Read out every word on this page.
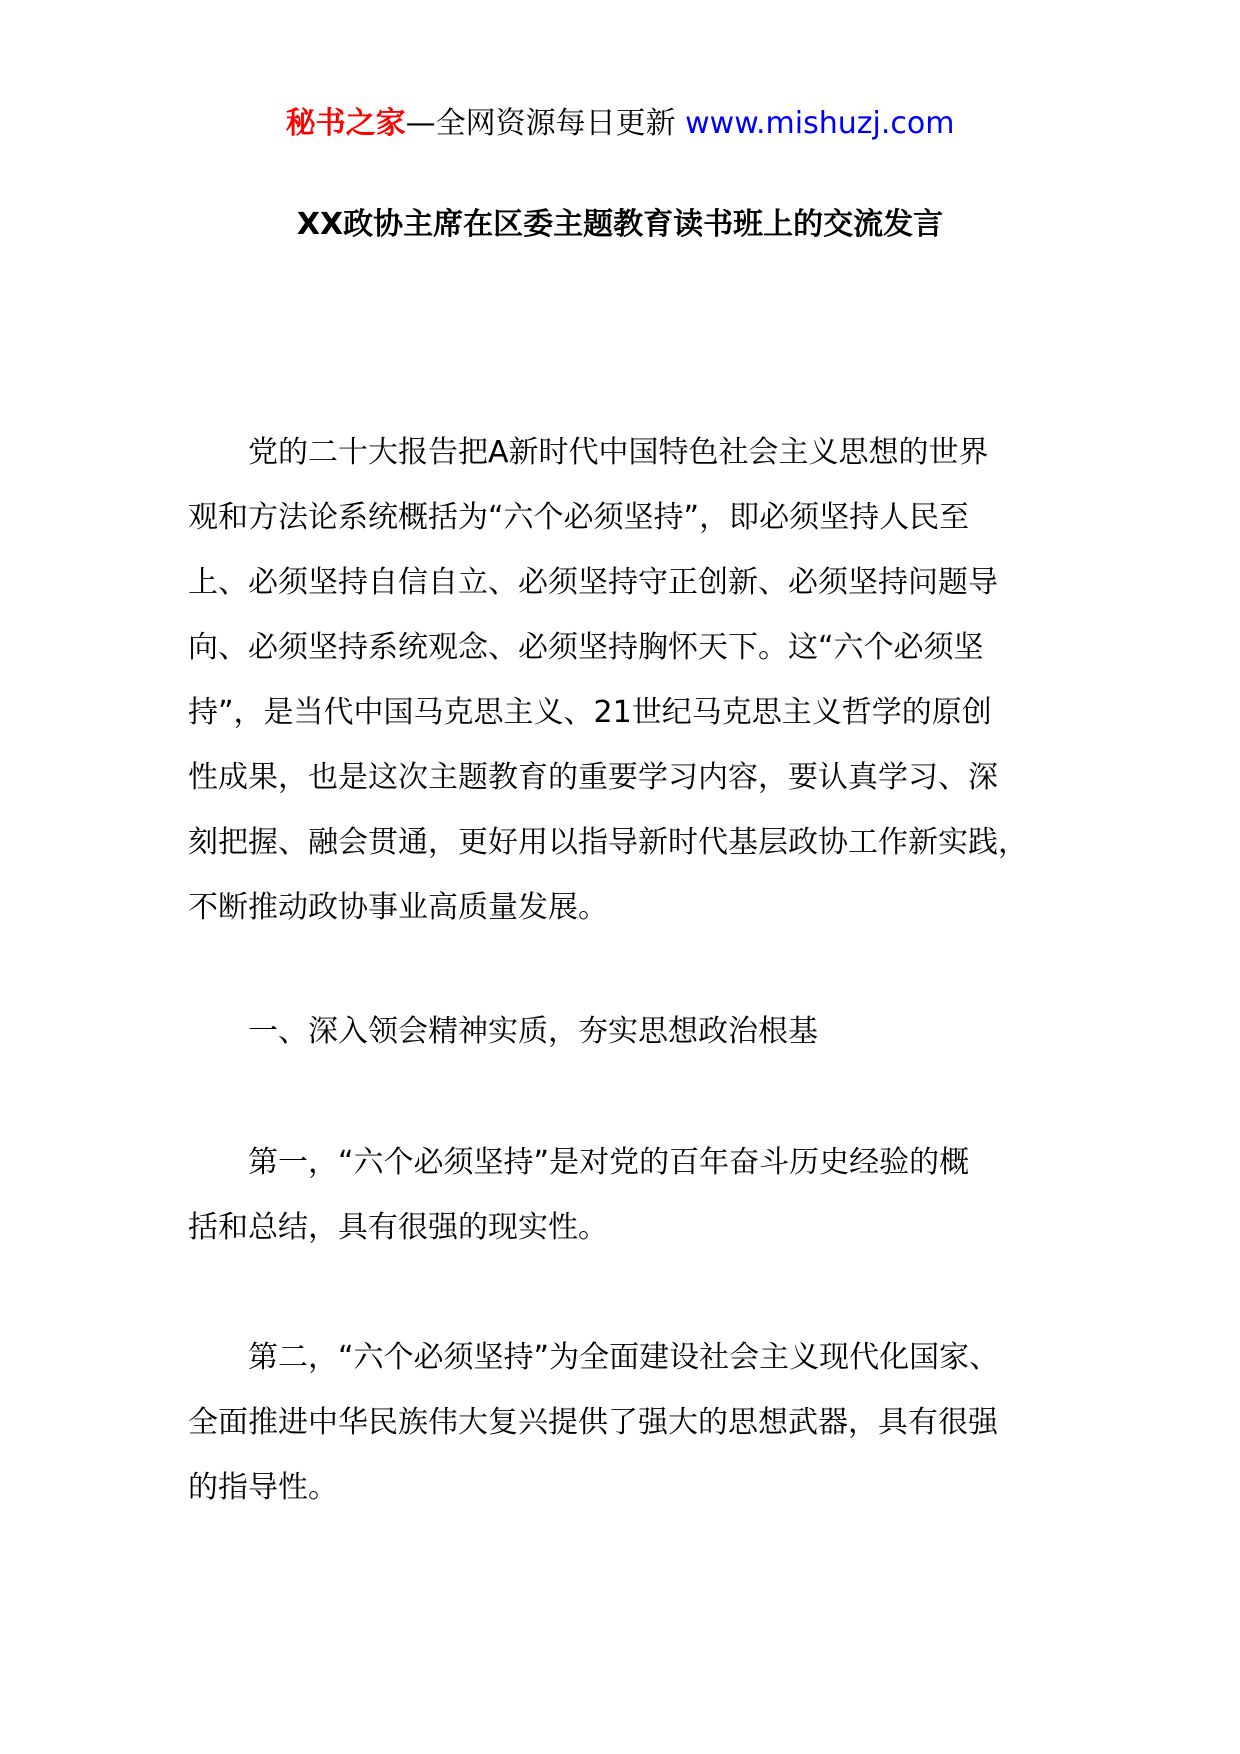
秘书之家—全网资源每日更新 www.mishuzj.com
XX政协主席在区委主题教育读书班上的交流发言
　　党的二十大报告把A新时代中国特色社会主义思想的世界
观和方法论系统概括为“六个必须坚持”，即必须坚持人民至
上、必须坚持自信自立、必须坚持守正创新、必须坚持问题导
向、必须坚持系统观念、必须坚持胸怀天下。这“六个必须坚
持”，是当代中国马克思主义、21世纪马克思主义哲学的原创
性成果，也是这次主题教育的重要学习内容，要认真学习、深
刻把握、融会贯通，更好用以指导新时代基层政协工作新实践，
不断推动政协事业高质量发展。
　　一、深入领会精神实质，夯实思想政治根基
　　第一，“六个必须坚持”是对党的百年奋斗历史经验的概
括和总结，具有很强的现实性。
　　第二，“六个必须坚持”为全面建设社会主义现代化国家、
全面推进中华民族伟大复兴提供了强大的思想武器，具有很强
的指导性。
